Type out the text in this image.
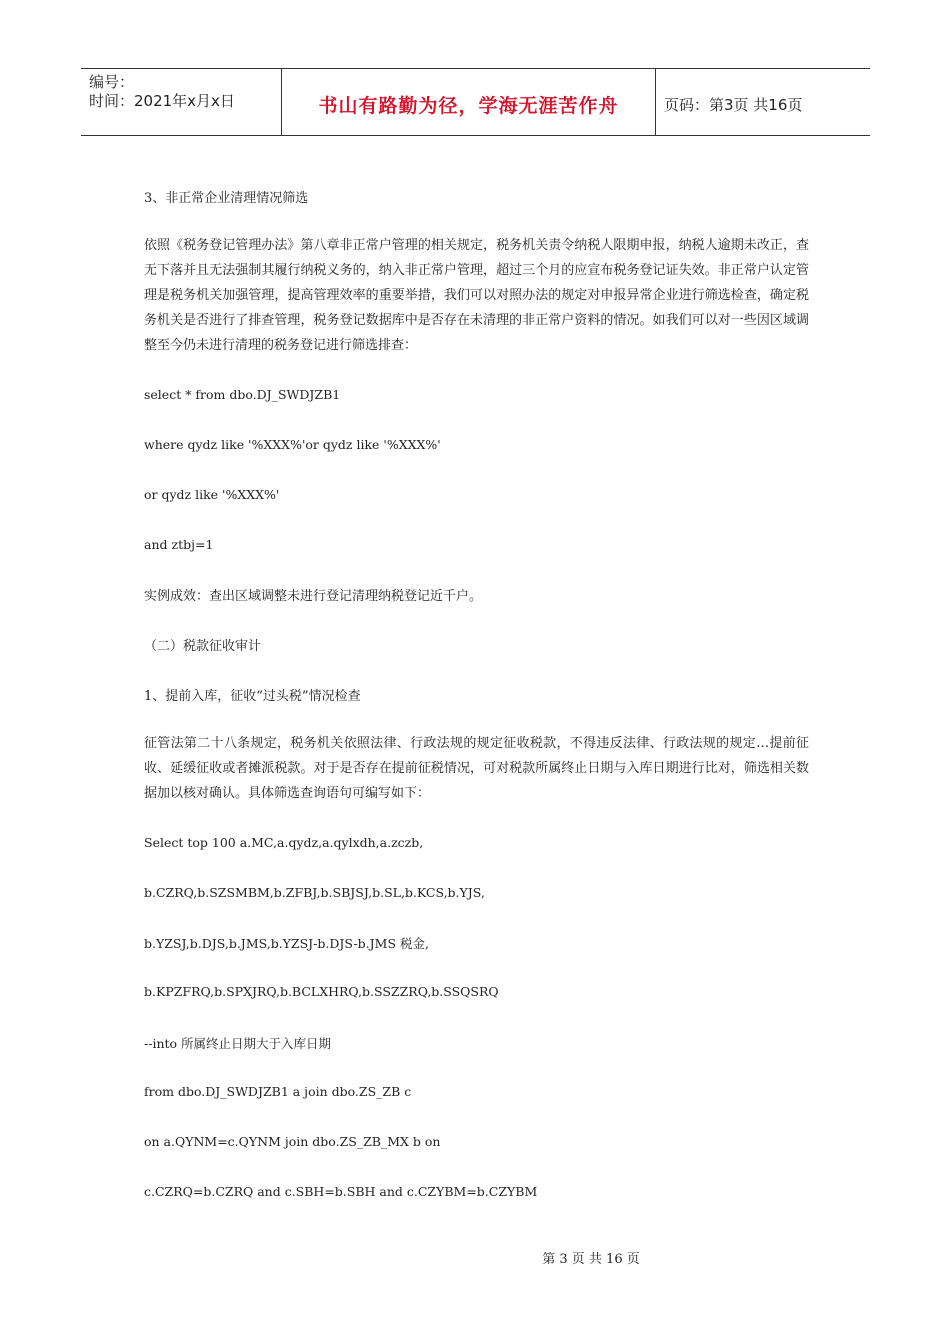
编号：
时间：2021年x月x日	书山有路勤为径，学海无涯苦作舟	页码：第3页 共16页
3、非正常企业清理情况筛选
依照《税务登记管理办法》第八章非正常户管理的相关规定，税务机关责令纳税人限期申报，纳税人逾期未改正，查无下落并且无法强制其履行纳税义务的，纳入非正常户管理，超过三个月的应宣布税务登记证失效。非正常户认定管理是税务机关加强管理，提高管理效率的重要举措，我们可以对照办法的规定对申报异常企业进行筛选检查，确定税务机关是否进行了排查管理，税务登记数据库中是否存在未清理的非正常户资料的情况。如我们可以对一些因区域调整至今仍未进行清理的税务登记进行筛选排查：
select * from dbo.DJ_SWDJZB1
where qydz like '%XXX%'or qydz like '%XXX%'
or qydz like '%XXX%'
and ztbj=1
实例成效：查出区域调整未进行登记清理纳税登记近千户。
（二）税款征收审计
1、提前入库，征收“过头税”情况检查
征管法第二十八条规定，税务机关依照法律、行政法规的规定征收税款，不得违反法律、行政法规的规定…提前征收、延缓征收或者摊派税款。对于是否存在提前征税情况，可对税款所属终止日期与入库日期进行比对，筛选相关数据加以核对确认。具体筛选查询语句可编写如下：
Select top 100 a.MC,a.qydz,a.qylxdh,a.zczb,
b.CZRQ,b.SZSMBM,b.ZFBJ,b.SBJSJ,b.SL,b.KCS,b.YJS,
b.YZSJ,b.DJS,b.JMS,b.YZSJ-b.DJS-b.JMS 税金,
b.KPZFRQ,b.SPXJRQ,b.BCLXHRQ,b.SSZZRQ,b.SSQSRQ
--into 所属终止日期大于入库日期
from dbo.DJ_SWDJZB1 a join dbo.ZS_ZB c
on a.QYNM=c.QYNM join dbo.ZS_ZB_MX b on
c.CZRQ=b.CZRQ and c.SBH=b.SBH and c.CZYBM=b.CZYBM
第 3 页 共 16 页
